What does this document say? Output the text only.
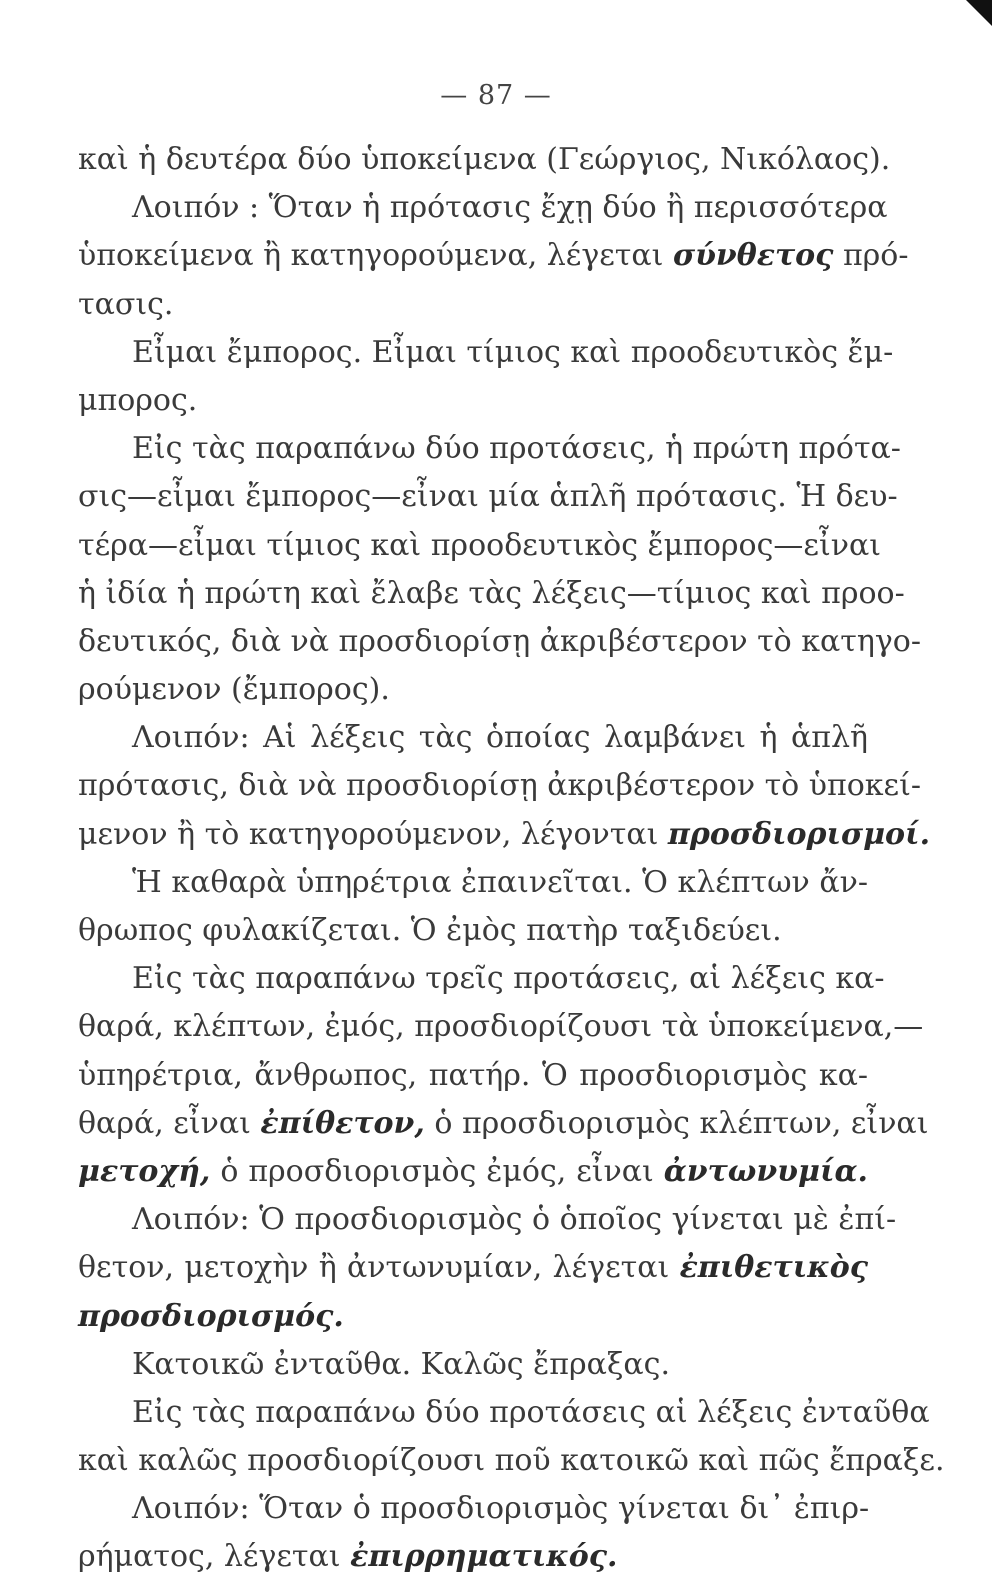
— 87 —
καὶ ἡ δευτέρα δύο ὑποκείμενα (Γεώργιος, Νικόλαος).
Λοιπόν : Ὅταν ἡ πρότασις ἔχῃ δύο ἢ περισσότερα
ὑποκείμενα ἢ κατηγορούμενα, λέγεται σύνθετος πρό-
τασις.
Εἶμαι ἔμπορος. Εἶμαι τίμιος καὶ προοδευτικὸς ἔμ-
μπορος.
Εἰς τὰς παραπάνω δύο προτάσεις, ἡ πρώτη πρότα-
σις—εἶμαι ἔμπορος—εἶναι μία ἁπλῆ πρότασις. Ἡ δευ-
τέρα—εἶμαι τίμιος καὶ προοδευτικὸς ἔμπορος—εἶναι
ἡ ἰδία ἡ πρώτη καὶ ἔλαβε τὰς λέξεις—τίμιος καὶ προο-
δευτικός, διὰ νὰ προσδιορίσῃ ἀκριβέστερον τὸ κατηγο-
ρούμενον (ἔμπορος).
Λοιπόν: Αἱ λέξεις τὰς ὁποίας λαμβάνει ἡ ἁπλῆ
πρότασις, διὰ νὰ προσδιορίσῃ ἀκριβέστερον τὸ ὑποκεί-
μενον ἢ τὸ κατηγορούμενον, λέγονται προσδιορισμοί.
Ἡ καθαρὰ ὑπηρέτρια ἐπαινεῖται. Ὁ κλέπτων ἄν-
θρωπος φυλακίζεται. Ὁ ἐμὸς πατὴρ ταξιδεύει.
Εἰς τὰς παραπάνω τρεῖς προτάσεις, αἱ λέξεις κα-
θαρά, κλέπτων, ἐμός, προσδιορίζουσι τὰ ὑποκείμενα,—
ὑπηρέτρια, ἄνθρωπος, πατήρ. Ὁ προσδιορισμὸς κα-
θαρά, εἶναι ἐπίθετον, ὁ προσδιορισμὸς κλέπτων, εἶναι
μετοχή, ὁ προσδιορισμὸς ἐμός, εἶναι ἀντωνυμία.
Λοιπόν: Ὁ προσδιορισμὸς ὁ ὁποῖος γίνεται μὲ ἐπί-
θετον, μετοχὴν ἢ ἀντωνυμίαν, λέγεται ἐπιθετικὸς
προσδιορισμός.
Κατοικῶ ἐνταῦθα. Καλῶς ἔπραξας.
Εἰς τὰς παραπάνω δύο προτάσεις αἱ λέξεις ἐνταῦθα
καὶ καλῶς προσδιορίζουσι ποῦ κατοικῶ καὶ πῶς ἔπραξε.
Λοιπόν: Ὅταν ὁ προσδιορισμὸς γίνεται δι᾽ ἐπιρ-
ρήματος, λέγεται ἐπιρρηματικός.
